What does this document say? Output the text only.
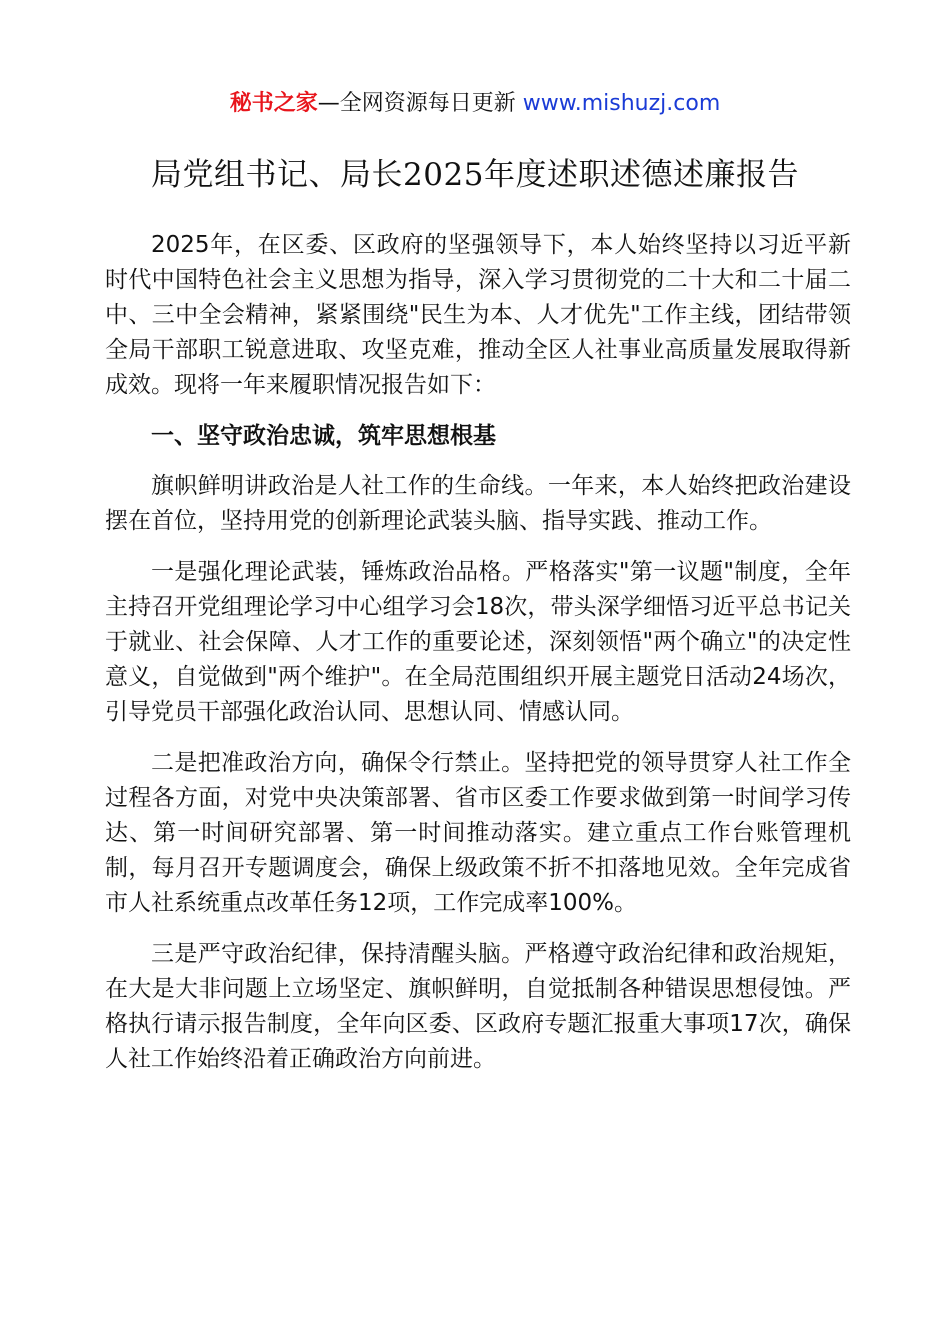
秘书之家—全网资源每日更新 www.mishuzj.com
局党组书记、局长2025年度述职述德述廉报告

2025年，在区委、区政府的坚强领导下，本人始终坚持以习近平新时代中国特色社会主义思想为指导，深入学习贯彻党的二十大和二十届二中、三中全会精神，紧紧围绕"民生为本、人才优先"工作主线，团结带领全局干部职工锐意进取、攻坚克难，推动全区人社事业高质量发展取得新成效。现将一年来履职情况报告如下：

一、坚守政治忠诚，筑牢思想根基

旗帜鲜明讲政治是人社工作的生命线。一年来，本人始终把政治建设摆在首位，坚持用党的创新理论武装头脑、指导实践、推动工作。

一是强化理论武装，锤炼政治品格。严格落实"第一议题"制度，全年主持召开党组理论学习中心组学习会18次，带头深学细悟习近平总书记关于就业、社会保障、人才工作的重要论述，深刻领悟"两个确立"的决定性意义，自觉做到"两个维护"。在全局范围组织开展主题党日活动24场次，引导党员干部强化政治认同、思想认同、情感认同。

二是把准政治方向，确保令行禁止。坚持把党的领导贯穿人社工作全过程各方面，对党中央决策部署、省市区委工作要求做到第一时间学习传达、第一时间研究部署、第一时间推动落实。建立重点工作台账管理机制，每月召开专题调度会，确保上级政策不折不扣落地见效。全年完成省市人社系统重点改革任务12项，工作完成率100%。

三是严守政治纪律，保持清醒头脑。严格遵守政治纪律和政治规矩，在大是大非问题上立场坚定、旗帜鲜明，自觉抵制各种错误思想侵蚀。严格执行请示报告制度，全年向区委、区政府专题汇报重大事项17次，确保人社工作始终沿着正确政治方向前进。
